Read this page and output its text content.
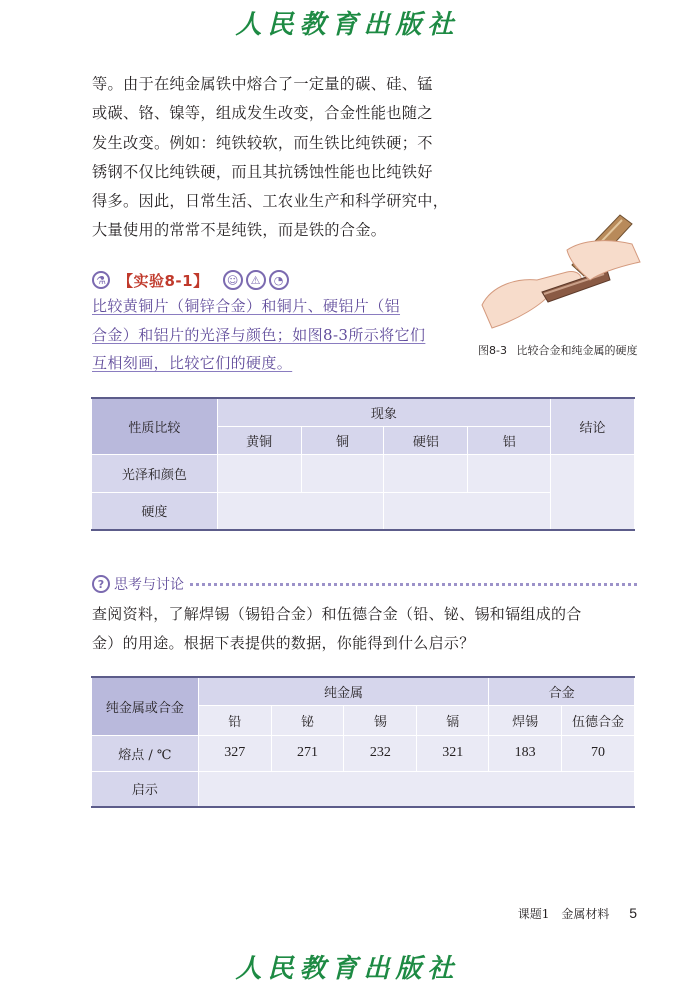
人民教育出版社
等。由于在纯金属铁中熔合了一定量的碳、硅、锰
或碳、铬、镍等，组成发生改变，合金性能也随之
发生改变。例如：纯铁较软，而生铁比纯铁硬；不
锈钢不仅比纯铁硬，而且其抗锈蚀性能也比纯铁好
得多。因此，日常生活、工农业生产和科学研究中，
大量使用的常常不是纯铁，而是铁的合金。
⚗ 【实验8-1】	☺	⚠	◔
比较黄铜片（铜锌合金）和铜片、硬铝片（铝
合金）和铝片的光泽与颜色；如图8-3所示将它们
互相刻画，比较它们的硬度。
图8-3 比较合金和纯金属的硬度
性质比较	现象				结论
	黄铜	铜	硬铝	铝	
光泽和颜色					
硬度					
? 思考与讨论
查阅资料，了解焊锡（锡铅合金）和伍德合金（铅、铋、锡和镉组成的合
金）的用途。根据下表提供的数据，你能得到什么启示？
纯金属或合金	纯金属				合金	
	铅	铋	锡	镉	焊锡	伍德合金
熔点 / ℃	327	271	232	321	183	70
启示						
课题1　金属材料 5
人民教育出版社
